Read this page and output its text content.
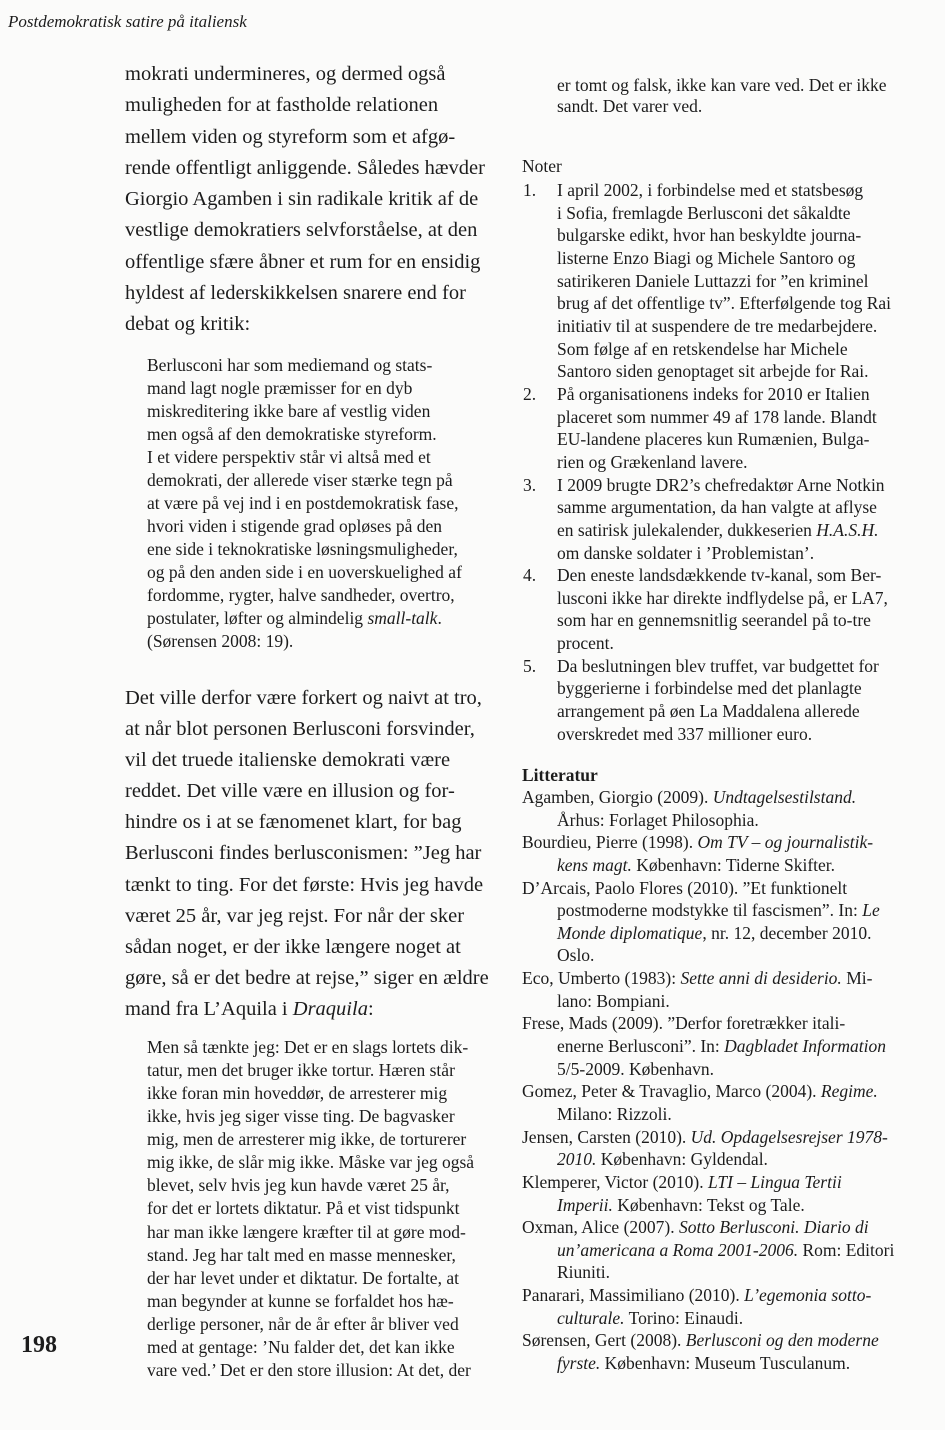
Postdemokratisk satire på italiensk
198
mokrati undermineres, og dermed også
muligheden for at fastholde relationen
mellem viden og styreform som et afgø-
rende offentligt anliggende. Således hævder
Giorgio Agamben i sin radikale kritik af de
vestlige demokratiers selvforståelse, at den
offentlige sfære åbner et rum for en ensidig
hyldest af lederskikkelsen snarere end for
debat og kritik:
Berlusconi har som mediemand og stats-
mand lagt nogle præmisser for en dyb
miskreditering ikke bare af vestlig viden
men også af den demokratiske styreform.
I et videre perspektiv står vi altså med et
demokrati, der allerede viser stærke tegn på
at være på vej ind i en postdemokratisk fase,
hvori viden i stigende grad opløses på den
ene side i teknokratiske løsningsmuligheder,
og på den anden side i en uoverskuelighed af
fordomme, rygter, halve sandheder, overtro,
postulater, løfter og almindelig small-talk.
(Sørensen 2008: 19).
Det ville derfor være forkert og naivt at tro,
at når blot personen Berlusconi forsvinder,
vil det truede italienske demokrati være
reddet. Det ville være en illusion og for-
hindre os i at se fænomenet klart, for bag
Berlusconi findes berlusconismen: ”Jeg har
tænkt to ting. For det første: Hvis jeg havde
været 25 år, var jeg rejst. For når der sker
sådan noget, er der ikke længere noget at
gøre, så er det bedre at rejse,” siger en ældre
mand fra L’Aquila i Draquila:
Men så tænkte jeg: Det er en slags lortets dik-
tatur, men det bruger ikke tortur. Hæren står
ikke foran min hoveddør, de arresterer mig
ikke, hvis jeg siger visse ting. De bagvasker
mig, men de arresterer mig ikke, de torturerer
mig ikke, de slår mig ikke. Måske var jeg også
blevet, selv hvis jeg kun havde været 25 år,
for det er lortets diktatur. På et vist tidspunkt
har man ikke længere kræfter til at gøre mod-
stand. Jeg har talt med en masse mennesker,
der har levet under et diktatur. De fortalte, at
man begynder at kunne se forfaldet hos hæ-
derlige personer, når de år efter år bliver ved
med at gentage: ’Nu falder det, det kan ikke
vare ved.’ Det er den store illusion: At det, der
er tomt og falsk, ikke kan vare ved. Det er ikke
sandt. Det varer ved.
Noter
1. I april 2002, i forbindelse med et statsbesøg
i Sofia, fremlagde Berlusconi det såkaldte
bulgarske edikt, hvor han beskyldte journa-
listerne Enzo Biagi og Michele Santoro og
satirikeren Daniele Luttazzi for ”en kriminel
brug af det offentlige tv”. Efterfølgende tog Rai
initiativ til at suspendere de tre medarbejdere.
Som følge af en retskendelse har Michele
Santoro siden genoptaget sit arbejde for Rai.
2. På organisationens indeks for 2010 er Italien
placeret som nummer 49 af 178 lande. Blandt
EU-landene placeres kun Rumænien, Bulga-
rien og Grækenland lavere.
3. I 2009 brugte DR2’s chefredaktør Arne Notkin
samme argumentation, da han valgte at aflyse
en satirisk julekalender, dukkeserien H.A.S.H.
om danske soldater i ’Problemistan’.
4. Den eneste landsdækkende tv-kanal, som Ber-
lusconi ikke har direkte indflydelse på, er LA7,
som har en gennemsnitlig seerandel på to-tre
procent.
5. Da beslutningen blev truffet, var budgettet for
byggerierne i forbindelse med det planlagte
arrangement på øen La Maddalena allerede
overskredet med 337 millioner euro.
Litteratur
Agamben, Giorgio (2009). Undtagelsestilstand.
Århus: Forlaget Philosophia.
Bourdieu, Pierre (1998). Om TV – og journalistik-
kens magt. København: Tiderne Skifter.
D’Arcais, Paolo Flores (2010). ”Et funktionelt
postmoderne modstykke til fascismen”. In: Le
Monde diplomatique, nr. 12, december 2010.
Oslo.
Eco, Umberto (1983): Sette anni di desiderio. Mi-
lano: Bompiani.
Frese, Mads (2009). ”Derfor foretrækker itali-
enerne Berlusconi”. In: Dagbladet Information
5/5-2009. København.
Gomez, Peter & Travaglio, Marco (2004). Regime.
Milano: Rizzoli.
Jensen, Carsten (2010). Ud. Opdagelsesrejser 1978-
2010. København: Gyldendal.
Klemperer, Victor (2010). LTI – Lingua Tertii
Imperii. København: Tekst og Tale.
Oxman, Alice (2007). Sotto Berlusconi. Diario di
un’americana a Roma 2001-2006. Rom: Editori
Riuniti.
Panarari, Massimiliano (2010). L’egemonia sotto-
culturale. Torino: Einaudi.
Sørensen, Gert (2008). Berlusconi og den moderne
fyrste. København: Museum Tusculanum.
